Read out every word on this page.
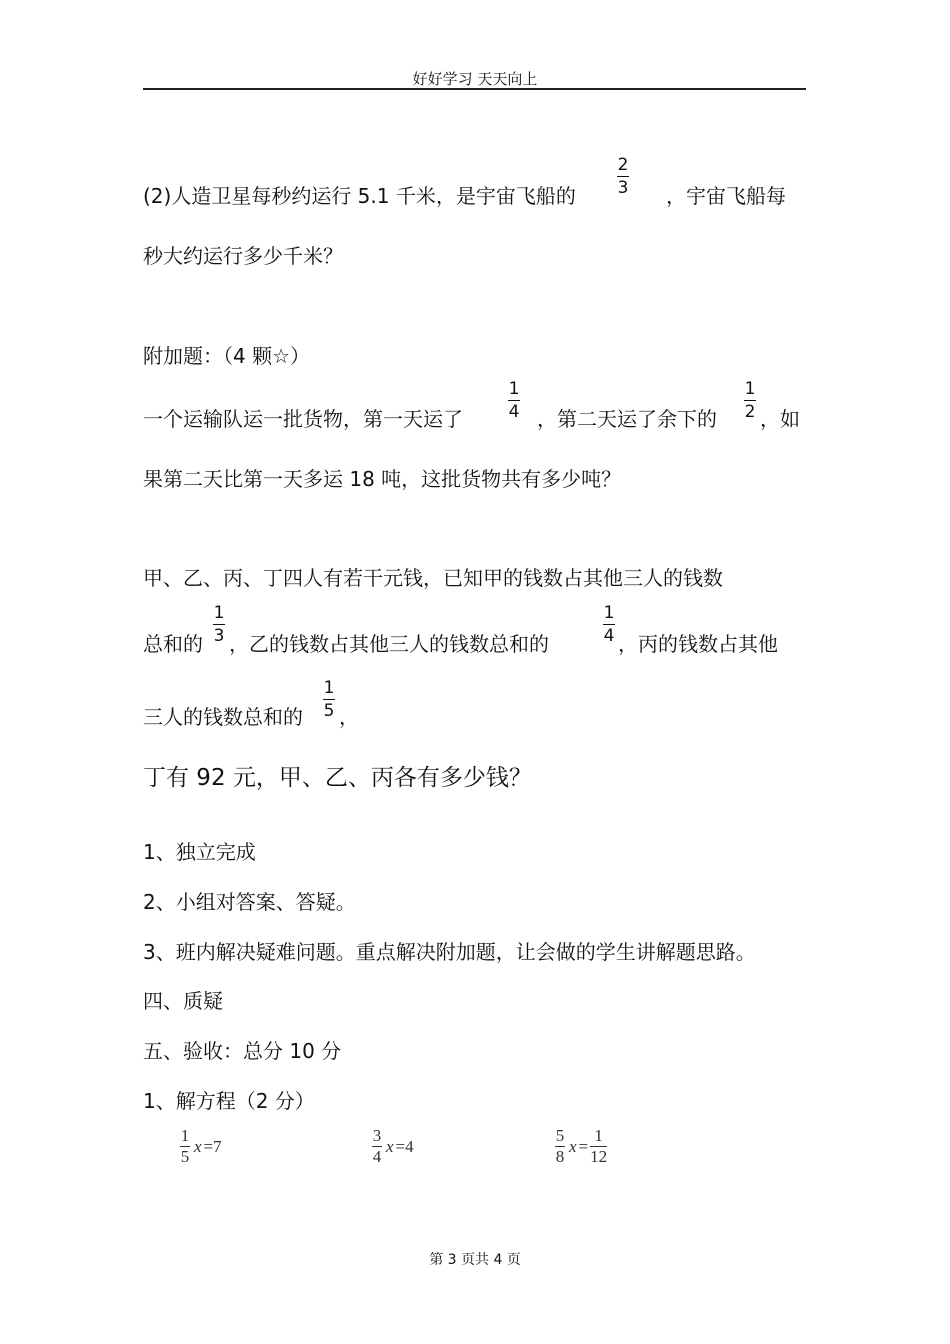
好好学习 天天向上
(2)人造卫星每秒约运行 5.1 千米，是宇宙飞船的
2
3 ，宇宙飞船每
秒大约运行多少千米？
附加题：（4 颗☆）
一个运输队运一批货物，第一天运了
1
4 ，第二天运了余下的
1
2 ，如
果第二天比第一天多运 18 吨，这批货物共有多少吨？
甲、乙、丙、丁四人有若干元钱，已知甲的钱数占其他三人的钱数
总和的
1
3 ，乙的钱数占其他三人的钱数总和的
1
4 ，丙的钱数占其他
三人的钱数总和的
1
5 ，
丁有 92 元，甲、乙、丙各有多少钱？
1、独立完成
2、小组对答案、答疑。
3、班内解决疑难问题。重点解决附加题，让会做的学生讲解题思路。
四、质疑
五、验收：总分 10 分
1、解方程（2 分）
1
5
x = 7
3
4
x = 4
5
8
x =
1
12
第 3 页共 4 页
